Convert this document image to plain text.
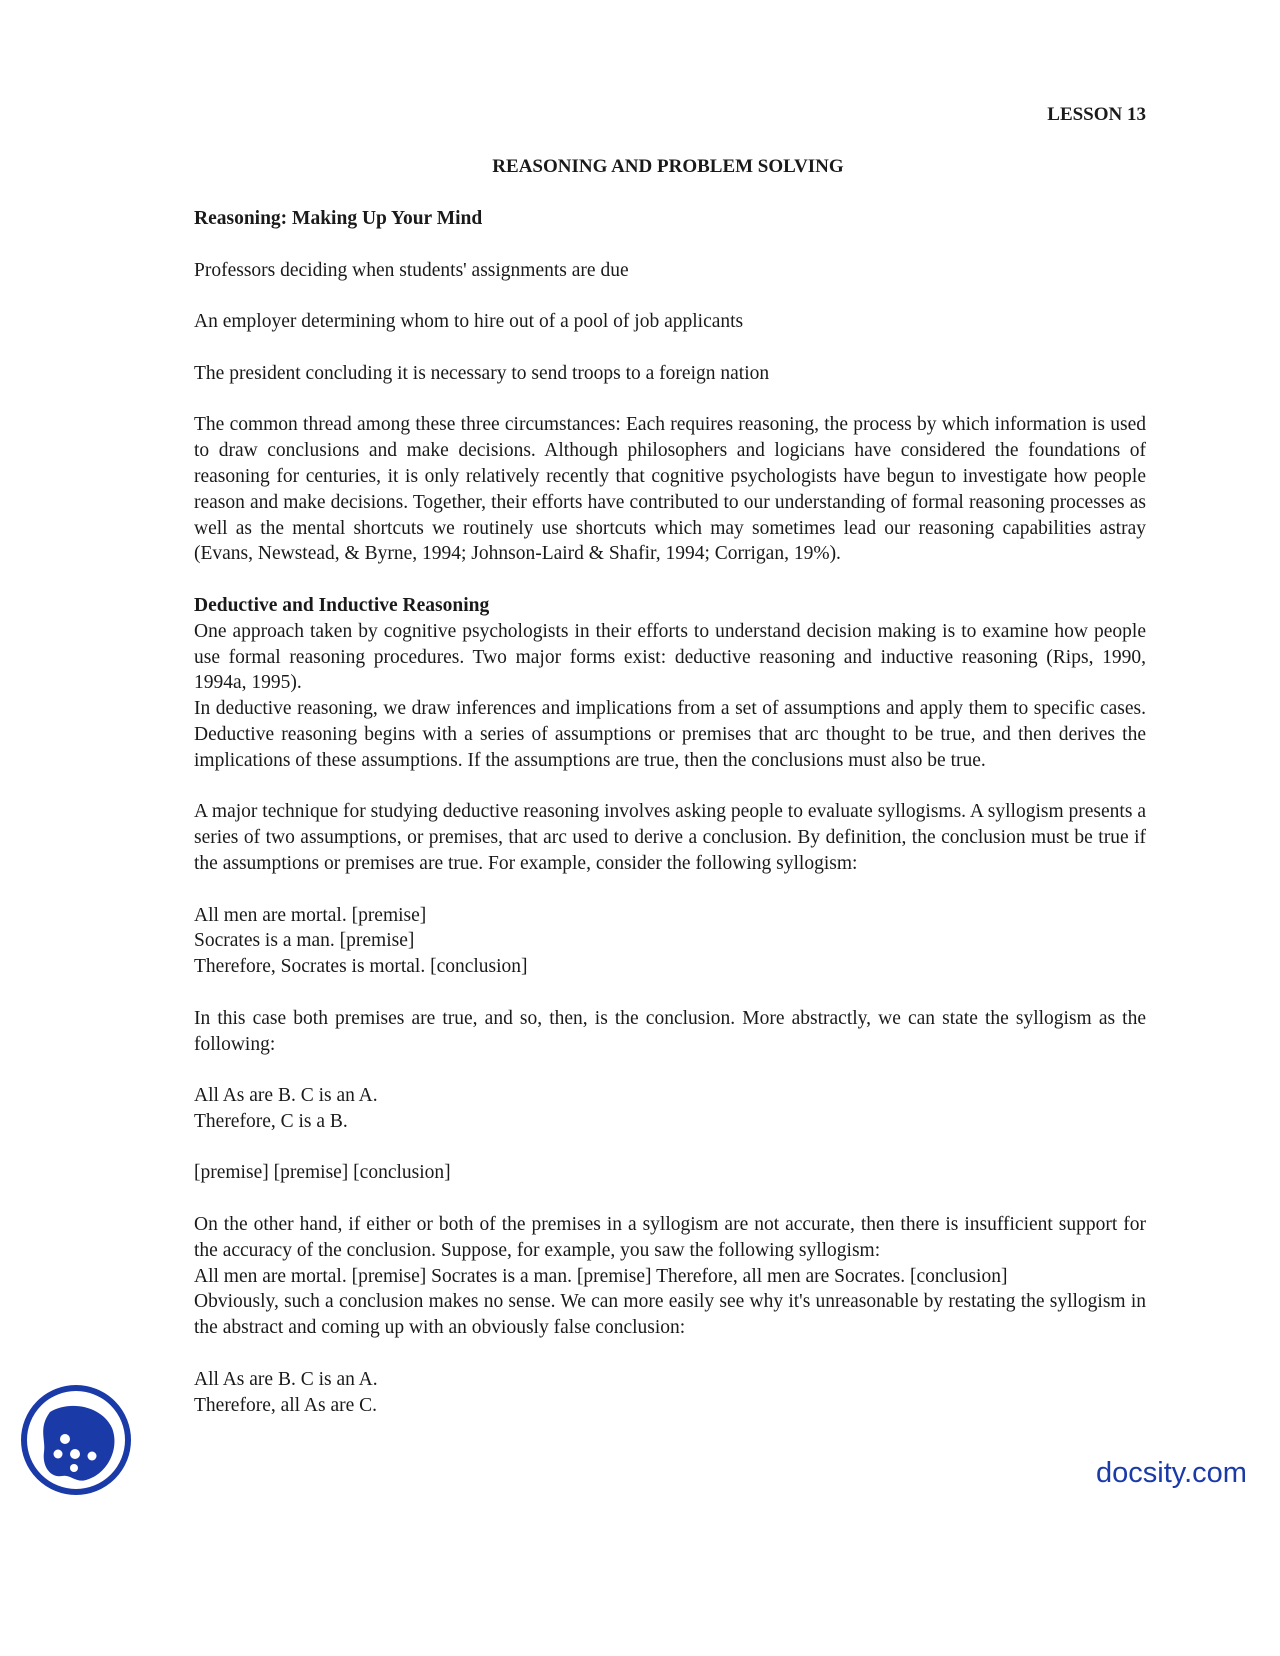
LESSON 13
REASONING AND PROBLEM SOLVING
Reasoning: Making Up Your Mind

Professors deciding when students' assignments are due

An employer determining whom to hire out of a pool of job applicants

The president concluding it is necessary to send troops to a foreign nation

The common thread among these three circumstances: Each requires reasoning, the process by which information is used to draw conclusions and make decisions. Although philosophers and logicians have considered the foundations of reasoning for centuries, it is only relatively recently that cognitive psychologists have begun to investigate how people reason and make decisions. Together, their efforts have contributed to our understanding of formal reasoning processes as well as the mental shortcuts we routinely use shortcuts which may sometimes lead our reasoning capabilities astray (Evans, Newstead, & Byrne, 1994; Johnson-Laird & Shafir, 1994; Corrigan, 19%).

Deductive and Inductive Reasoning

One approach taken by cognitive psychologists in their efforts to understand decision making is to examine how people use formal reasoning procedures. Two major forms exist: deductive reasoning and inductive reasoning (Rips, 1990, 1994a, 1995).

In deductive reasoning, we draw inferences and implications from a set of assumptions and apply them to specific cases. Deductive reasoning begins with a series of assumptions or premises that arc thought to be true, and then derives the implications of these assumptions. If the assumptions are true, then the conclusions must also be true.

A major technique for studying deductive reasoning involves asking people to evaluate syllogisms. A syllogism presents a series of two assumptions, or premises, that arc used to derive a conclusion. By definition, the conclusion must be true if the assumptions or premises are true. For example, consider the following syllogism:

All men are mortal. [premise]

Socrates is a man. [premise]

Therefore, Socrates is mortal. [conclusion]

In this case both premises are true, and so, then, is the conclusion. More abstractly, we can state the syllogism as the following:

All As are B. C is an A.

Therefore, C is a B.

[premise] [premise] [conclusion]

On the other hand, if either or both of the premises in a syllogism are not accurate, then there is insufficient support for the accuracy of the conclusion. Suppose, for example, you saw the following syllogism:

All men are mortal. [premise] Socrates is a man. [premise] Therefore, all men are Socrates. [conclusion]

Obviously, such a conclusion makes no sense. We can more easily see why it's unreasonable by restating the syllogism in the abstract and coming up with an obviously false conclusion:

All As are B. C is an A.

Therefore, all As are C.

docsity.com
